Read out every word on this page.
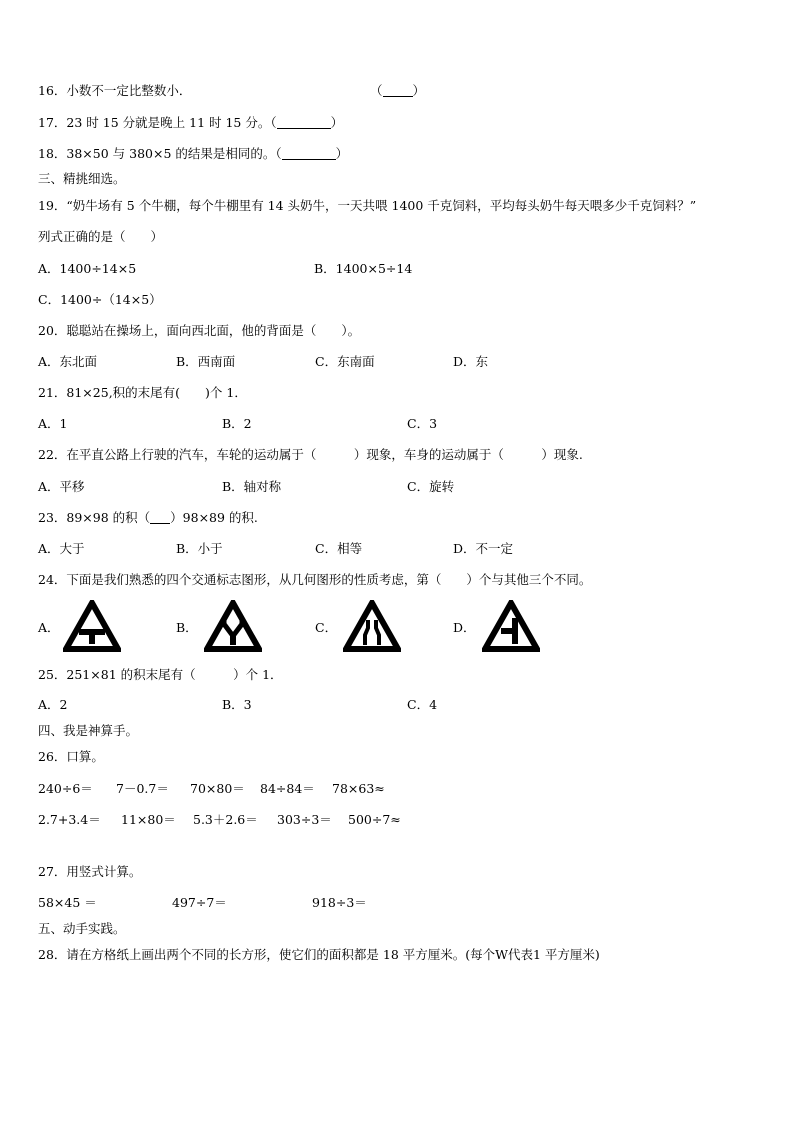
16．小数不一定比整数小．	（ ）
17．23 时 15 分就是晚上 11 时 15 分。（	）
18．38×50 与 380×5 的结果是相同的。（	）
三、精挑细选。
19．“奶牛场有 5 个牛棚，每个牛棚里有 14 头奶牛，一天共喂 1400 千克饲料，平均每头奶牛每天喂多少千克饲料？”
列式正确的是（　　）
A．1400÷14×5	B．1400×5÷14
C．1400÷（14×5）
20．聪聪站在操场上，面向西北面，他的背面是（　　）。
A．东北面	B．西南面	C．东南面	D．东
21．81×25,积的末尾有(　　)个 1．
A．1	B．2	C．3
22．在平直公路上行驶的汽车，车轮的运动属于（　　　）现象，车身的运动属于（　　　）现象.
A．平移	B．轴对称	C．旋转
23．89×98 的积（ ）98×89 的积.
A．大于	B．小于	C．相等	D．不一定
24．下面是我们熟悉的四个交通标志图形，从几何图形的性质考虑，第（　　）个与其他三个不同。
A．	B．	C．	D．
25．251×81 的积末尾有（　　　）个 1．
A．2	B．3	C．4
四、我是神算手。
26．口算。
240÷6＝ 7－0.7＝ 70×80＝ 84÷84＝ 78×63≈
2.7+3.4＝ 11×80＝ 5.3＋2.6＝ 303÷3＝ 500÷7≈
27．用竖式计算。
58×45 ＝	497÷7＝	918÷3＝
五、动手实践。
28．请在方格纸上画出两个不同的长方形，使它们的面积都是 18 平方厘米。(每个W代表1 平方厘米)
